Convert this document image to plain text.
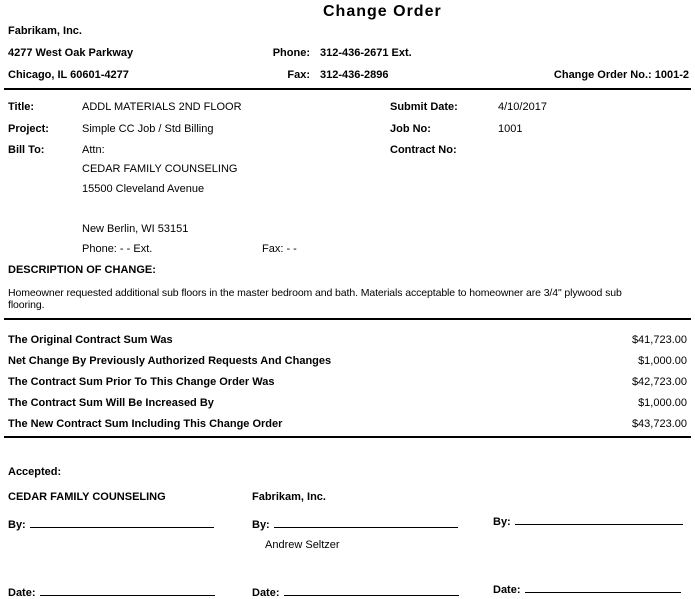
Change Order
Fabrikam, Inc.
4277 West Oak Parkway
Chicago, IL 60601-4277
Phone: 312-436-2671 Ext.
Fax: 312-436-2896	Change Order No.: 1001-2
Title:	ADDL MATERIALS 2ND FLOOR	Submit Date:	4/10/2017
Project:	Simple CC Job / Std Billing	Job No:	1001
Bill To:	Attn:	Contract No:
CEDAR FAMILY COUNSELING
15500 Cleveland Avenue
New Berlin, WI 53151
Phone: - - Ext.	Fax: - -
DESCRIPTION OF CHANGE:
Homeowner requested additional sub floors in the master bedroom and bath. Materials acceptable to homeowner are 3/4" plywood sub flooring.
The Original Contract Sum Was	$41,723.00
Net Change By Previously Authorized Requests And Changes	$1,000.00
The Contract Sum Prior To This Change Order Was	$42,723.00
The Contract Sum Will Be Increased By	$1,000.00
The New Contract Sum Including This Change Order	$43,723.00
Accepted:
CEDAR FAMILY COUNSELING	Fabrikam, Inc.
By:	By:	By:
Andrew Seltzer
Date:	Date:	Date:
